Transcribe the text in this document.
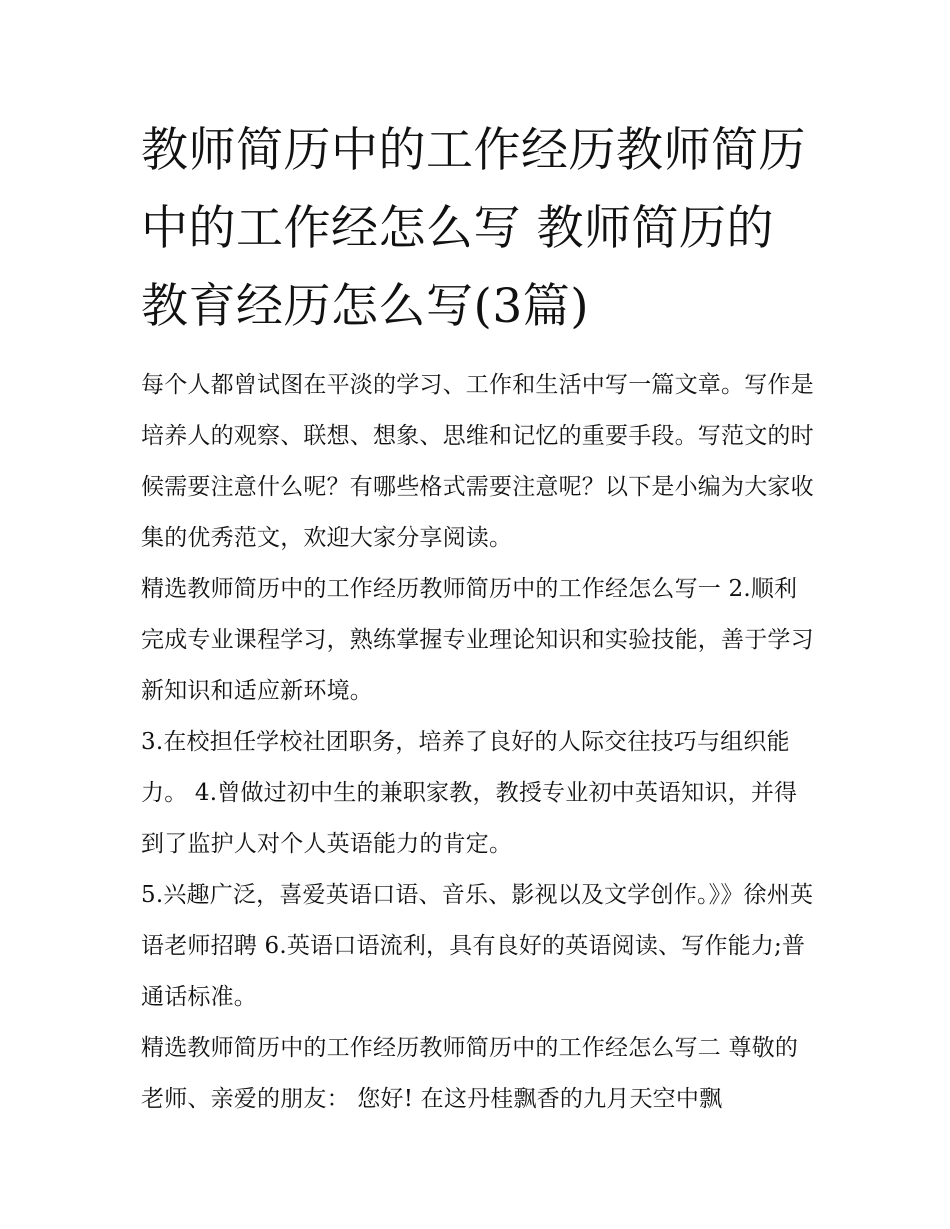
教师简历中的工作经历教师简历中的工作经怎么写 教师简历的教育经历怎么写(3篇)

每个人都曾试图在平淡的学习、工作和生活中写一篇文章。写作是培养人的观察、联想、想象、思维和记忆的重要手段。写范文的时候需要注意什么呢？有哪些格式需要注意呢？以下是小编为大家收集的优秀范文，欢迎大家分享阅读。

精选教师简历中的工作经历教师简历中的工作经怎么写一 2.顺利完成专业课程学习，熟练掌握专业理论知识和实验技能，善于学习新知识和适应新环境。

3.在校担任学校社团职务，培养了良好的人际交往技巧与组织能力。 4.曾做过初中生的兼职家教，教授专业初中英语知识，并得到了监护人对个人英语能力的肯定。

5.兴趣广泛，喜爱英语口语、音乐、影视以及文学创作。》》徐州英语老师招聘 6.英语口语流利，具有良好的英语阅读、写作能力;普通话标准。

精选教师简历中的工作经历教师简历中的工作经怎么写二 尊敬的老师、亲爱的朋友： 您好! 在这丹桂飘香的九月天空中飘
